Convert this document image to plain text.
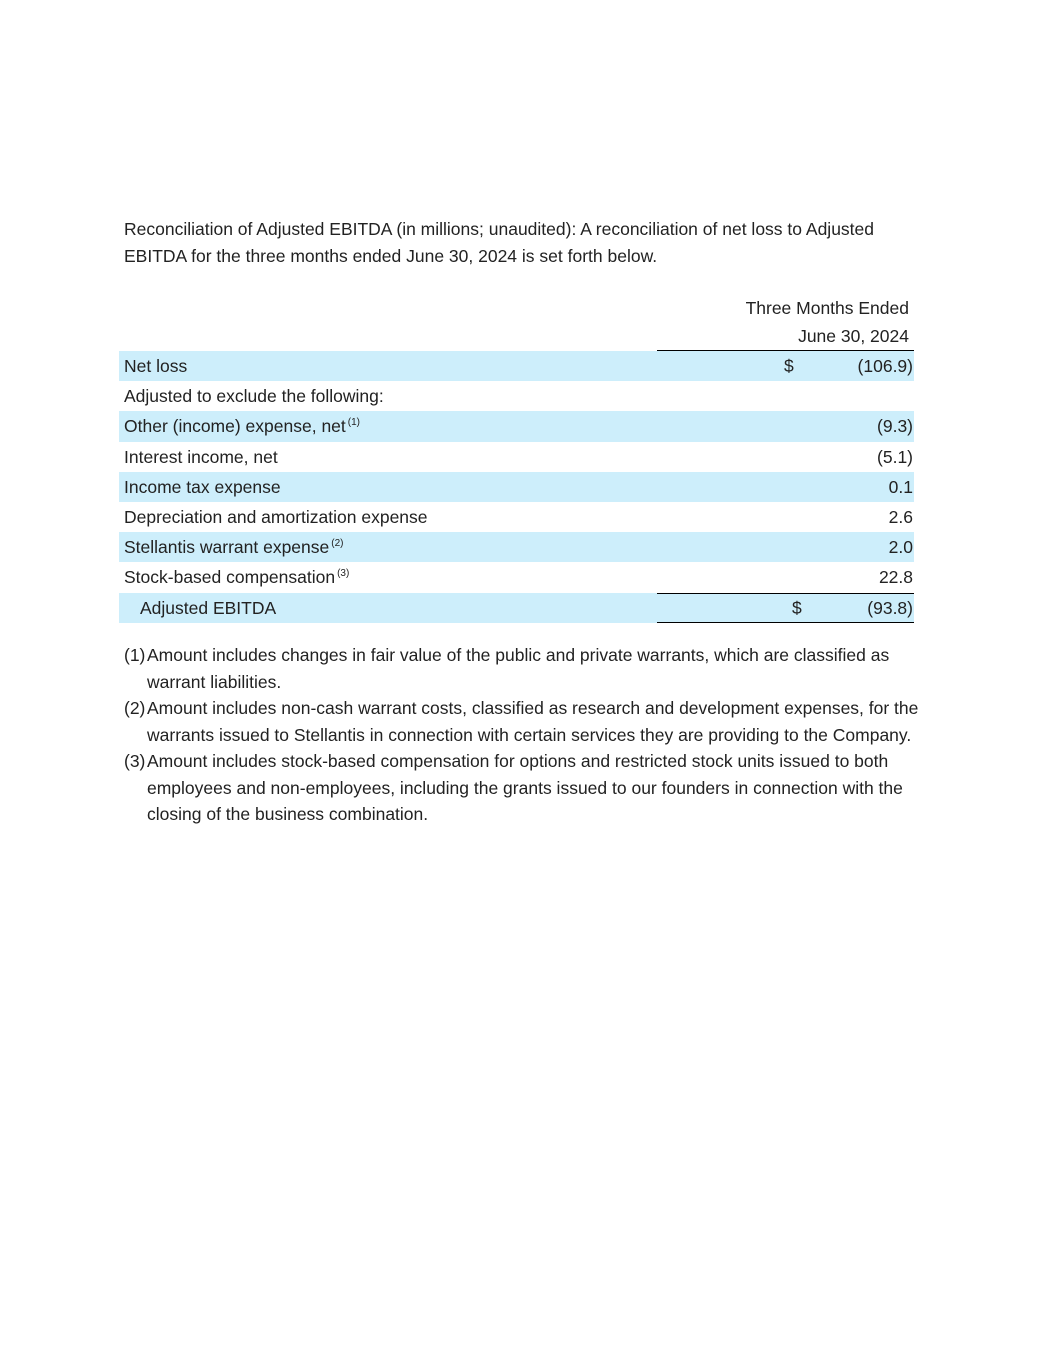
Reconciliation of Adjusted EBITDA (in millions; unaudited): A reconciliation of net loss to Adjusted EBITDA for the three months ended June 30, 2024 is set forth below.

Three Months Ended
June 30, 2024
Net loss	$	(106.9)
Adjusted to exclude the following:
Other (income) expense, net $^{(1)}$	(9.3)
Interest income, net	(5.1)
Income tax expense	0.1
Depreciation and amortization expense	2.6
Stellantis warrant expense $^{(2)}$	2.0
Stock-based compensation $^{(3)}$	22.8
Adjusted EBITDA	$	(93.8)
(1) Amount includes changes in fair value of the public and private warrants, which are classified as warrant liabilities.
(2) Amount includes non-cash warrant costs, classified as research and development expenses, for the warrants issued to Stellantis in connection with certain services they are providing to the Company.
(3) Amount includes stock-based compensation for options and restricted stock units issued to both employees and non-employees, including the grants issued to our founders in connection with the closing of the business combination.
